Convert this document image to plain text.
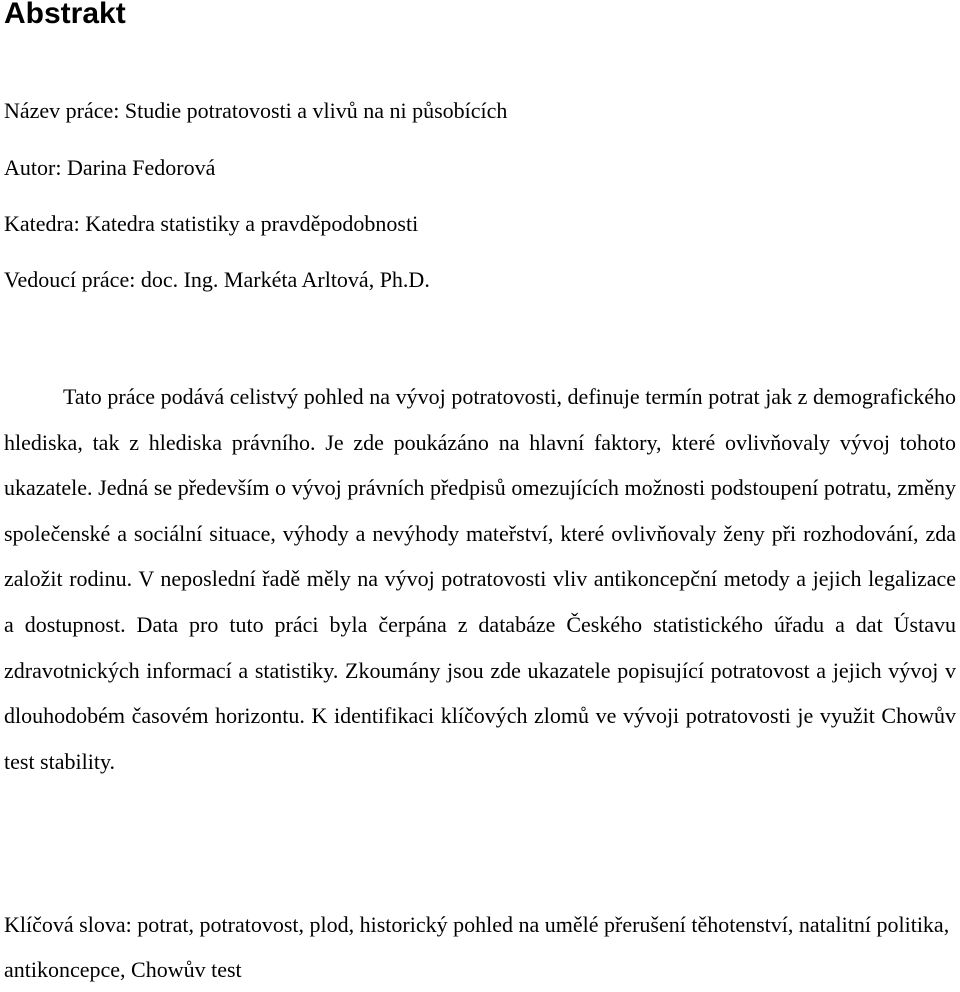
Abstrakt

Název práce: Studie potratovosti a vlivů na ni působících

Autor: Darina Fedorová

Katedra: Katedra statistiky a pravděpodobnosti

Vedoucí práce: doc. Ing. Markéta Arltová, Ph.D.

Tato práce podává celistvý pohled na vývoj potratovosti, definuje termín potrat jak z demografického hlediska, tak z hlediska právního. Je zde poukázáno na hlavní faktory, které ovlivňovaly vývoj tohoto ukazatele. Jedná se především o vývoj právních předpisů omezujících možnosti podstoupení potratu, změny společenské a sociální situace, výhody a nevýhody mateřství, které ovlivňovaly ženy při rozhodování, zda založit rodinu. V neposlední řadě měly na vývoj potratovosti vliv antikoncepční metody a jejich legalizace a dostupnost. Data pro tuto práci byla čerpána z databáze Českého statistického úřadu a dat Ústavu zdravotnických informací a statistiky. Zkoumány jsou zde ukazatele popisující potratovost a jejich vývoj v dlouhodobém časovém horizontu. K identifikaci klíčových zlomů ve vývoji potratovosti je využit Chowův test stability.

Klíčová slova: potrat, potratovost, plod, historický pohled na umělé přerušení těhotenství, natalitní politika, antikoncepce, Chowův test
